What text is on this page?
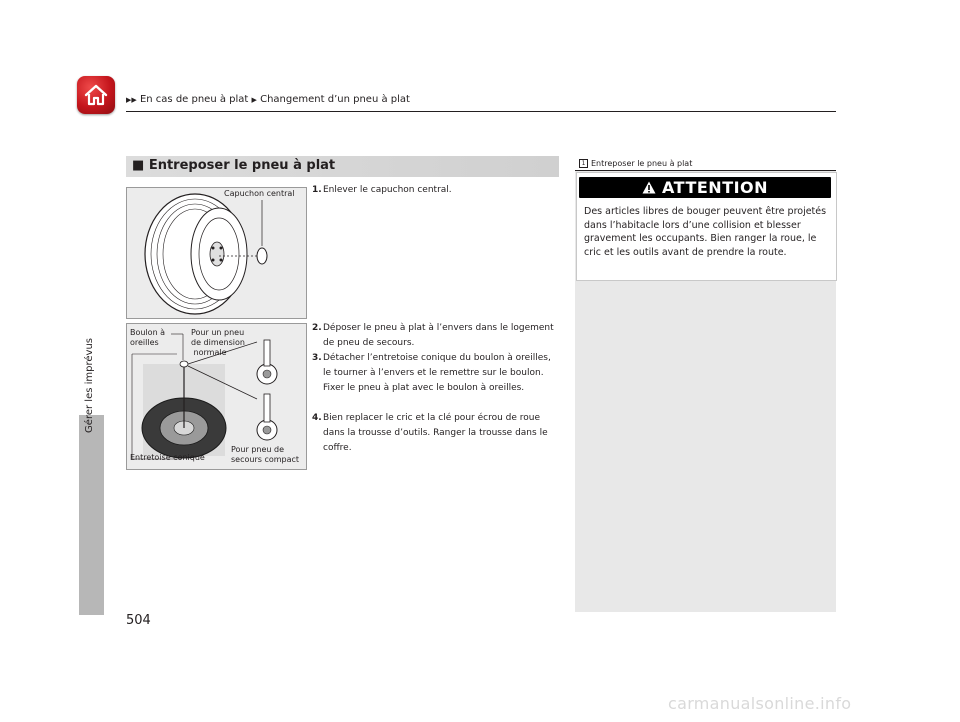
▶▶ En cas de pneu à plat ▶ Changement d’un pneu à plat
Gérer les imprévus
■ Entreposer le pneu à plat
Capuchon central
Boulon à
oreilles
Pour un pneu
de dimension
normale
Entretoise conique
Pour pneu de
secours compact
1. Enlever le capuchon central.
2. Déposer le pneu à plat à l’envers dans le logement de pneu de secours.
3. Détacher l’entretoise conique du boulon à oreilles, le tourner à l’envers et le remettre sur le boulon. Fixer le pneu à plat avec le boulon à oreilles.
4. Bien replacer le cric et la clé pour écrou de roue dans la trousse d’outils. Ranger la trousse dans le coffre.
1 Entreposer le pneu à plat
ATTENTION
Des articles libres de bouger peuvent être projetés dans l’habitacle lors d’une collision et blesser gravement les occupants. Bien ranger la roue, le cric et les outils avant de prendre la route.
504
carmanualsonline.info
